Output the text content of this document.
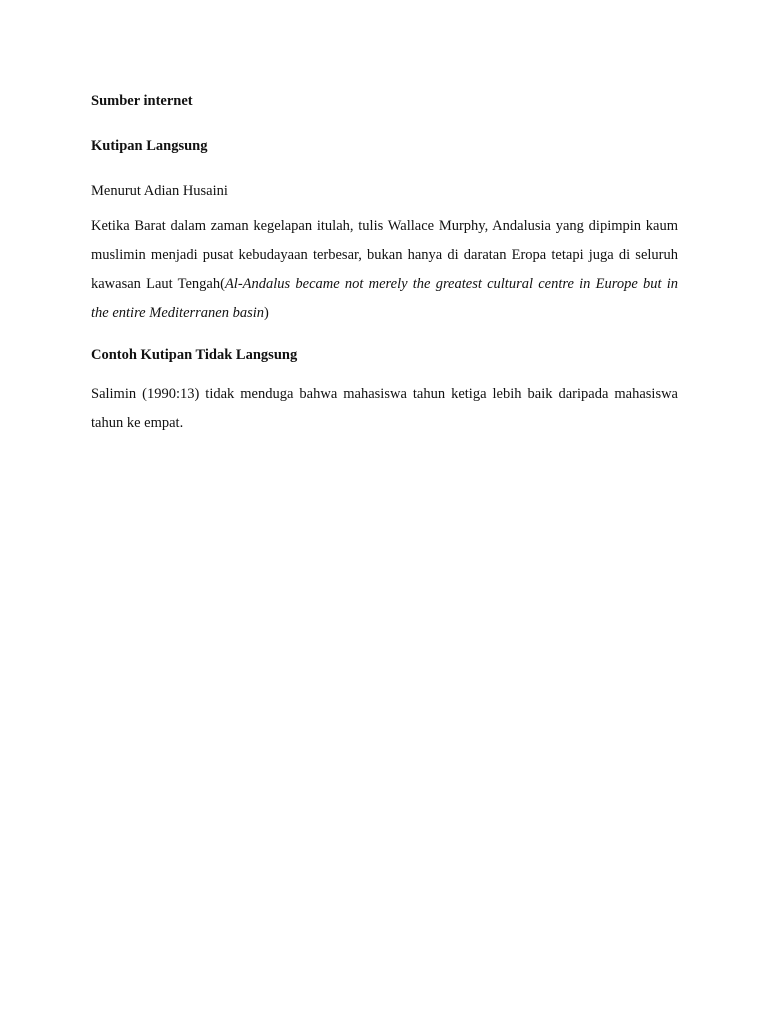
Sumber internet

Kutipan Langsung

Menurut Adian Husaini

Ketika Barat dalam zaman kegelapan itulah, tulis Wallace Murphy, Andalusia yang dipimpin kaum muslimin menjadi pusat kebudayaan terbesar, bukan hanya di daratan Eropa tetapi juga di seluruh kawasan Laut Tengah(Al-Andalus became not merely the greatest cultural centre in Europe but in the entire Mediterranen basin)

Contoh Kutipan Tidak Langsung

Salimin (1990:13) tidak menduga bahwa mahasiswa tahun ketiga lebih baik daripada mahasiswa tahun ke empat.
